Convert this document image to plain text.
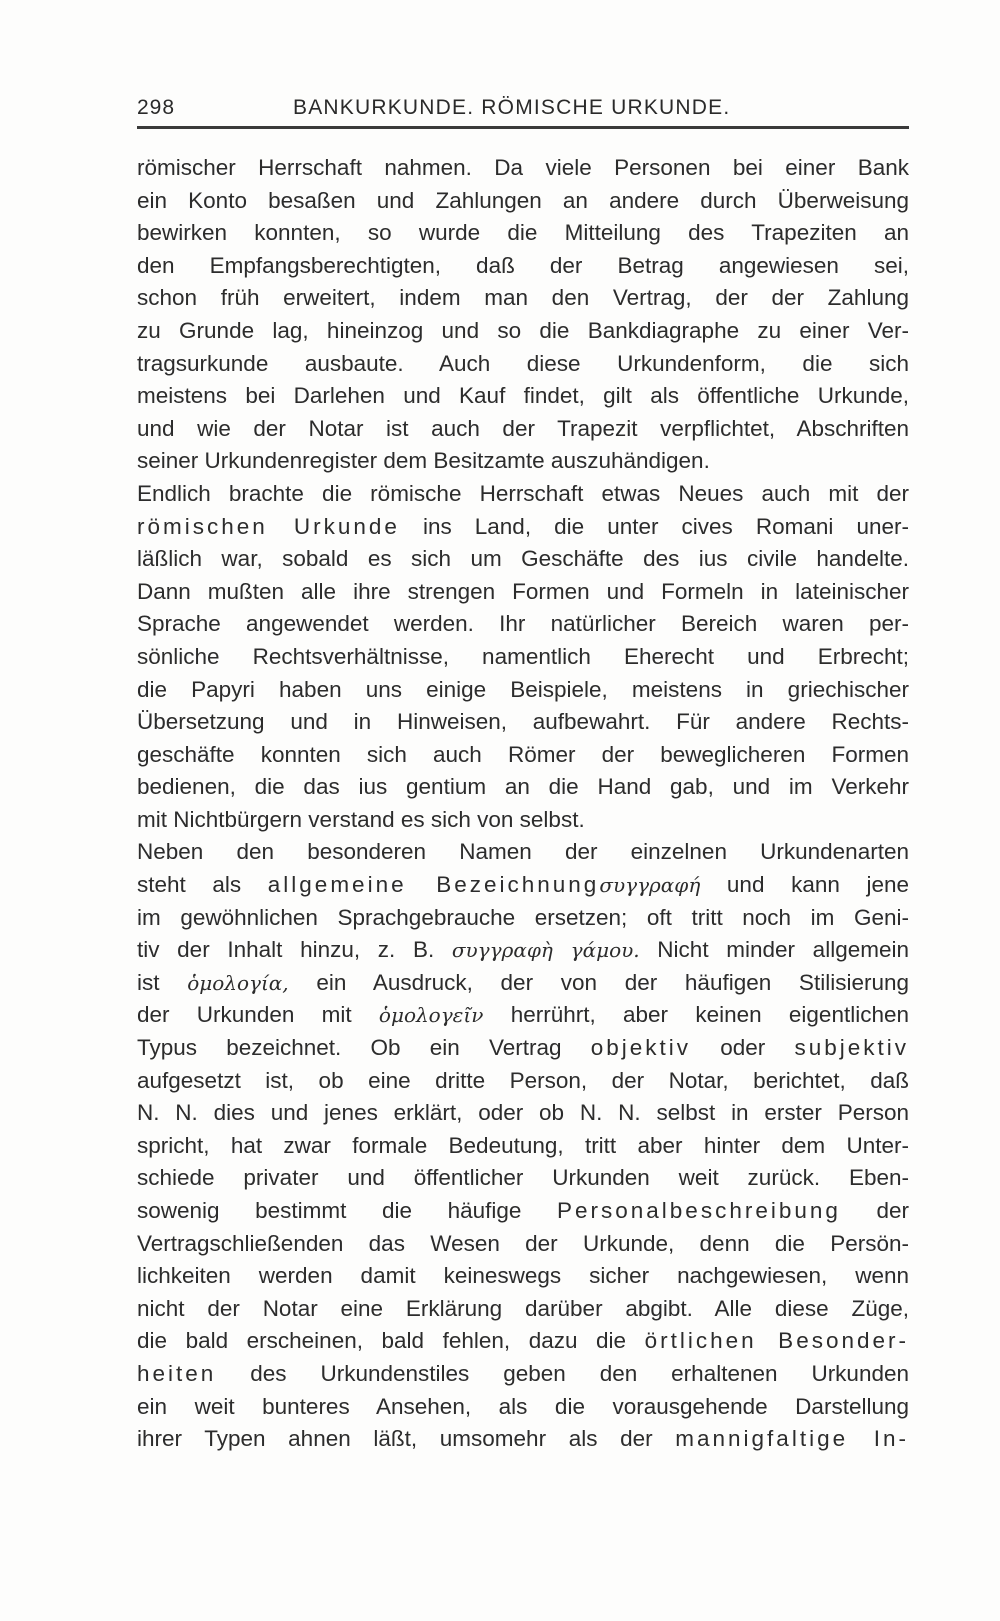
298	BANKURKUNDE. RÖMISCHE URKUNDE.
römischer Herrschaft nahmen. Da viele Personen bei einer Bank
ein Konto besaßen und Zahlungen an andere durch Überweisung
bewirken konnten, so wurde die Mitteilung des Trapeziten an
den Empfangsberechtigten, daß der Betrag angewiesen sei,
schon früh erweitert, indem man den Vertrag, der der Zahlung
zu Grunde lag, hineinzog und so die Bankdiagraphe zu einer Ver-
tragsurkunde ausbaute. Auch diese Urkundenform, die sich
meistens bei Darlehen und Kauf findet, gilt als öffentliche Urkunde,
und wie der Notar ist auch der Trapezit verpflichtet, Abschriften
seiner Urkundenregister dem Besitzamte auszuhändigen.
Endlich brachte die römische Herrschaft etwas Neues auch mit der
römischen Urkunde ins Land, die unter cives Romani uner-
läßlich war, sobald es sich um Geschäfte des ius civile handelte.
Dann mußten alle ihre strengen Formen und Formeln in lateinischer
Sprache angewendet werden. Ihr natürlicher Bereich waren per-
sönliche Rechtsverhältnisse, namentlich Eherecht und Erbrecht;
die Papyri haben uns einige Beispiele, meistens in griechischer
Übersetzung und in Hinweisen, aufbewahrt. Für andere Rechts-
geschäfte konnten sich auch Römer der beweglicheren Formen
bedienen, die das ius gentium an die Hand gab, und im Verkehr
mit Nichtbürgern verstand es sich von selbst.
Neben den besonderen Namen der einzelnen Urkundenarten
steht als allgemeine Bezeichnungσυγγραφή und kann jene
im gewöhnlichen Sprachgebrauche ersetzen; oft tritt noch im Geni-
tiv der Inhalt hinzu, z. B. συγγραφὴ γάμου. Nicht minder allgemein
ist ὁμολογία, ein Ausdruck, der von der häufigen Stilisierung
der Urkunden mit ὁμολογεῖν herrührt, aber keinen eigentlichen
Typus bezeichnet. Ob ein Vertrag objektiv oder subjektiv
aufgesetzt ist, ob eine dritte Person, der Notar, berichtet, daß
N. N. dies und jenes erklärt, oder ob N. N. selbst in erster Person
spricht, hat zwar formale Bedeutung, tritt aber hinter dem Unter-
schiede privater und öffentlicher Urkunden weit zurück. Eben-
sowenig bestimmt die häufige Personalbeschreibung der
Vertragschließenden das Wesen der Urkunde, denn die Persön-
lichkeiten werden damit keineswegs sicher nachgewiesen, wenn
nicht der Notar eine Erklärung darüber abgibt. Alle diese Züge,
die bald erscheinen, bald fehlen, dazu die örtlichen Besonder-
heiten des Urkundenstiles geben den erhaltenen Urkunden
ein weit bunteres Ansehen, als die vorausgehende Darstellung
ihrer Typen ahnen läßt, umsomehr als der mannigfaltige In-
